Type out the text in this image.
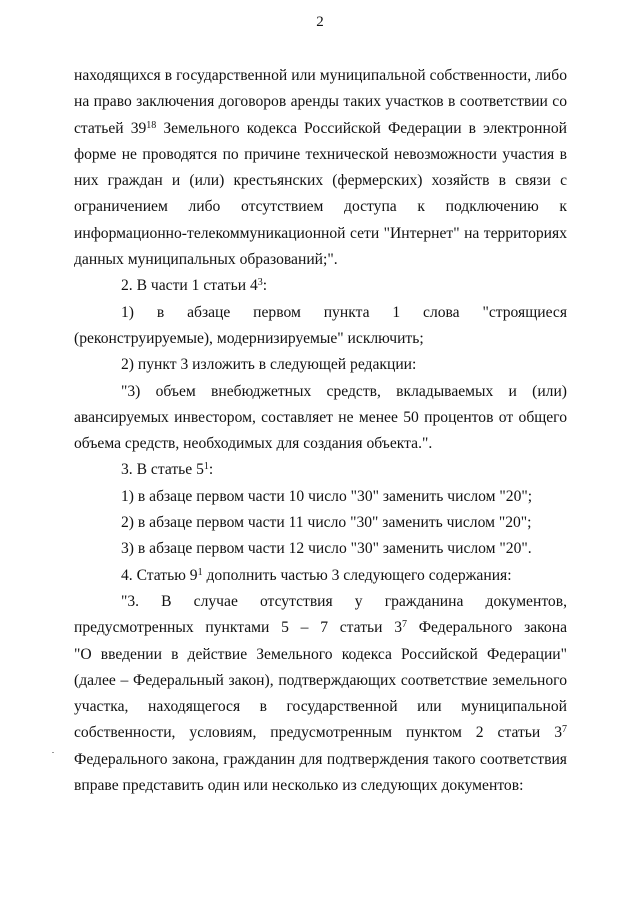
2
находящихся в государственной или муниципальной собственности, либо
на право заключения договоров аренды таких участков в соответствии со
статьей $39^{18}$ Земельного кодекса Российской Федерации в электронной
форме не проводятся по причине технической невозможности участия в
них граждан и (или) крестьянских (фермерских) хозяйств в связи с
ограничением либо отсутствием доступа к подключению к
информационно-телекоммуникационной сети "Интернет" на территориях
данных муниципальных образований;".
2. В части 1 статьи $4^3$:
1) в абзаце первом пункта 1 слова "строящиеся
(реконструируемые), модернизируемые" исключить;
2) пункт 3 изложить в следующей редакции:
"3) объем внебюджетных средств, вкладываемых и (или)
авансируемых инвестором, составляет не менее 50 процентов от общего
объема средств, необходимых для создания объекта.".
3. В статье $5^1$:
1) в абзаце первом части 10 число "30" заменить числом "20";
2) в абзаце первом части 11 число "30" заменить числом "20";
3) в абзаце первом части 12 число "30" заменить числом "20".
4. Статью $9^1$ дополнить частью 3 следующего содержания:
"3. В случае отсутствия у гражданина документов,
предусмотренных пунктами 5 – 7 статьи $3^7$ Федерального закона
"О введении в действие Земельного кодекса Российской Федерации"
(далее – Федеральный закон), подтверждающих соответствие земельного
участка, находящегося в государственной или муниципальной
собственности, условиям, предусмотренным пунктом 2 статьи $3^7$
Федерального закона, гражданин для подтверждения такого соответствия
вправе представить один или несколько из следующих документов:
